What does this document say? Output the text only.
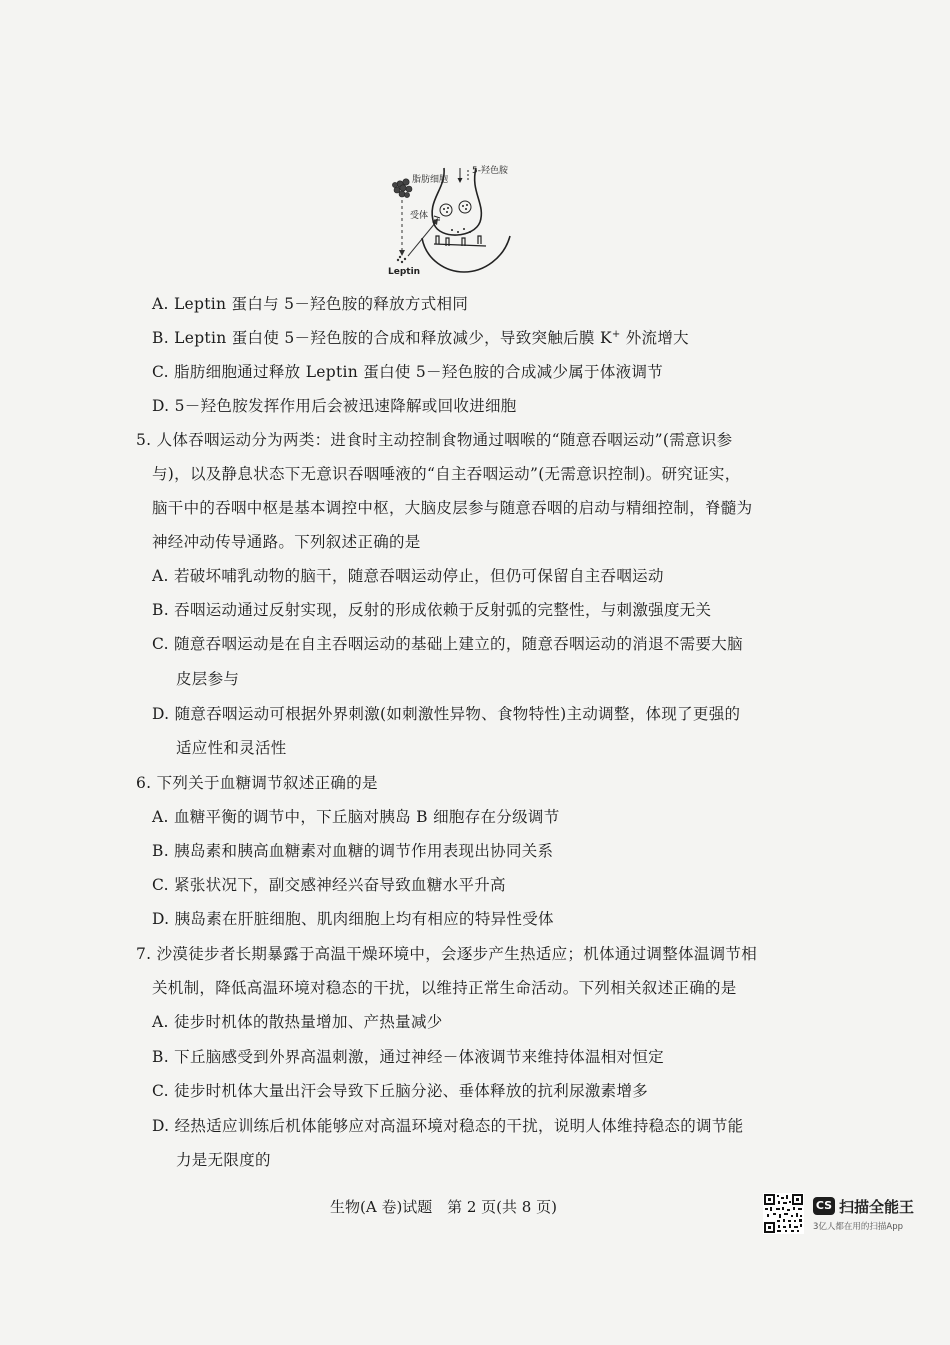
脂肪细胞
5-羟色胺
受体
Leptin
A. Leptin 蛋白与 5－羟色胺的释放方式相同
B. Leptin 蛋白使 5－羟色胺的合成和释放减少，导致突触后膜 K+ 外流增大
C. 脂肪细胞通过释放 Leptin 蛋白使 5－羟色胺的合成减少属于体液调节
D. 5－羟色胺发挥作用后会被迅速降解或回收进细胞
5. 人体吞咽运动分为两类：进食时主动控制食物通过咽喉的“随意吞咽运动”(需意识参
与)，以及静息状态下无意识吞咽唾液的“自主吞咽运动”(无需意识控制)。研究证实，
脑干中的吞咽中枢是基本调控中枢，大脑皮层参与随意吞咽的启动与精细控制，脊髓为
神经冲动传导通路。下列叙述正确的是
A. 若破坏哺乳动物的脑干，随意吞咽运动停止，但仍可保留自主吞咽运动
B. 吞咽运动通过反射实现，反射的形成依赖于反射弧的完整性，与刺激强度无关
C. 随意吞咽运动是在自主吞咽运动的基础上建立的，随意吞咽运动的消退不需要大脑
皮层参与
D. 随意吞咽运动可根据外界刺激(如刺激性异物、食物特性)主动调整，体现了更强的
适应性和灵活性
6. 下列关于血糖调节叙述正确的是
A. 血糖平衡的调节中，下丘脑对胰岛 B 细胞存在分级调节
B. 胰岛素和胰高血糖素对血糖的调节作用表现出协同关系
C. 紧张状况下，副交感神经兴奋导致血糖水平升高
D. 胰岛素在肝脏细胞、肌肉细胞上均有相应的特异性受体
7. 沙漠徒步者长期暴露于高温干燥环境中，会逐步产生热适应；机体通过调整体温调节相
关机制，降低高温环境对稳态的干扰，以维持正常生命活动。下列相关叙述正确的是
A. 徒步时机体的散热量增加、产热量减少
B. 下丘脑感受到外界高温刺激，通过神经－体液调节来维持体温相对恒定
C. 徒步时机体大量出汗会导致下丘脑分泌、垂体释放的抗利尿激素增多
D. 经热适应训练后机体能够应对高温环境对稳态的干扰，说明人体维持稳态的调节能
力是无限度的
生物(A 卷)试题 第 2 页(共 8 页)	CS 扫描全能王
3亿人都在用的扫描App
